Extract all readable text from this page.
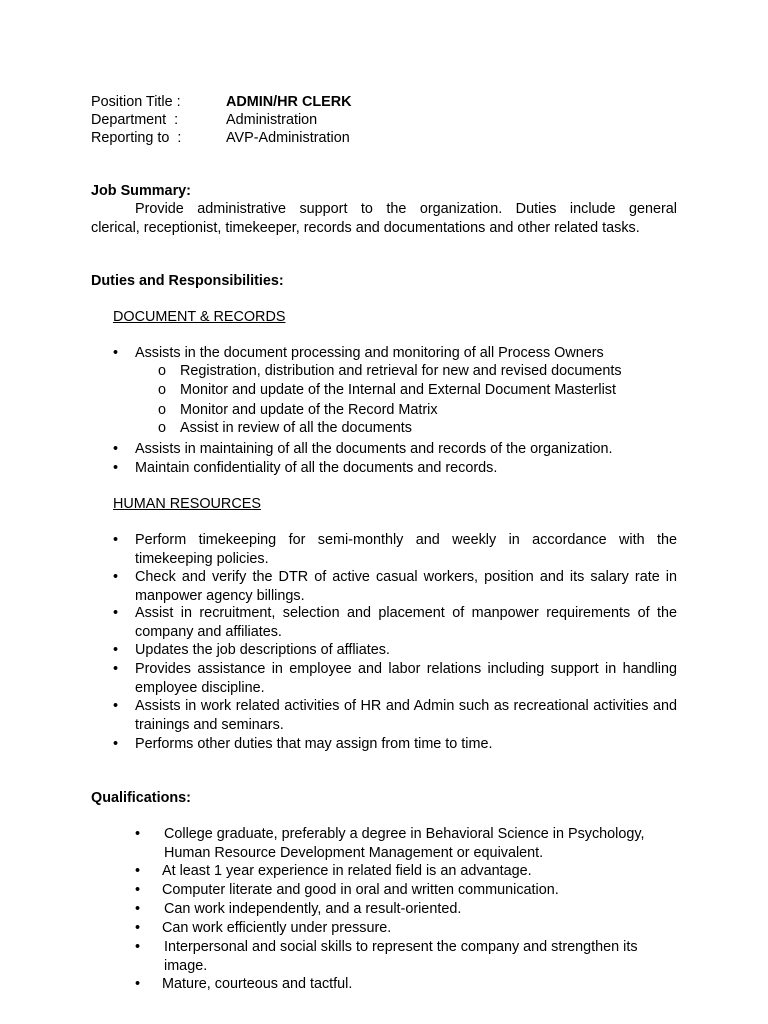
Position Title :	ADMIN/HR CLERK
Department  :	Administration
Reporting to  :	AVP-Administration
Job Summary:
Provide administrative support to the organization. Duties include general
clerical, receptionist, timekeeper, records and documentations and other related tasks.
Duties and Responsibilities:
DOCUMENT & RECORDS
• Assists in the document processing and monitoring of all Process Owners
o Registration, distribution and retrieval for new and revised documents
o Monitor and update of the Internal and External Document Masterlist
o Monitor and update of the Record Matrix
o Assist in review of all the documents
• Assists in maintaining of all the documents and records of the organization.
• Maintain confidentiality of all the documents and records.
HUMAN RESOURCES
• Perform timekeeping for semi-monthly and weekly in accordance with the timekeeping policies.
• Check and verify the DTR of active casual workers, position and its salary rate in manpower agency billings.
• Assist in recruitment, selection and placement of manpower requirements of the company and affiliates.
• Updates the job descriptions of affliates.
• Provides assistance in employee and labor relations including support in handling employee discipline.
• Assists in work related activities of HR and Admin such as recreational activities and trainings and seminars.
• Performs other duties that may assign from time to time.
Qualifications:
• College graduate, preferably a degree in Behavioral Science in Psychology, Human Resource Development Management or equivalent.
• At least 1 year experience in related field is an advantage.
• Computer literate and good in oral and written communication.
• Can work independently, and a result-oriented.
• Can work efficiently under pressure.
• Interpersonal and social skills to represent the company and strengthen its image.
• Mature, courteous and tactful.
